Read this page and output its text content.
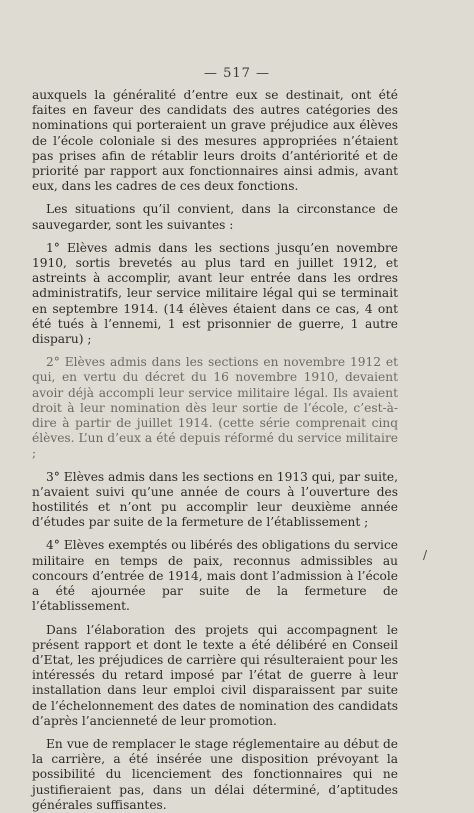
— 517 —

auxquels la généralité d’entre eux se destinait, ont été faites en faveur des candidats des autres catégories des nominations qui porteraient un grave préjudice aux élèves de l’école coloniale si des mesures appropriées n’étaient pas prises afin de rétablir leurs droits d’antériorité et de priorité par rapport aux fonctionnaires ainsi admis, avant eux, dans les cadres de ces deux fonctions.

Les situations qu’il convient, dans la circonstance de sauvegarder, sont les suivantes :

1° Elèves admis dans les sections jusqu’en novembre 1910, sortis brevetés au plus tard en juillet 1912, et astreints à accomplir, avant leur entrée dans les ordres administratifs, leur service militaire légal qui se terminait en septembre 1914. (14 élèves étaient dans ce cas, 4 ont été tués à l’ennemi, 1 est prisonnier de guerre, 1 autre disparu) ;

2° Elèves admis dans les sections en novembre 1912 et qui, en vertu du décret du 16 novembre 1910, devaient avoir déjà accompli leur service militaire légal. Ils avaient droit à leur nomination dès leur sortie de l’école, c’est-à-dire à partir de juillet 1914. (cette série comprenait cinq élèves. L’un d’eux a été depuis réformé du service militaire ;

3° Elèves admis dans les sections en 1913 qui, par suite, n’avaient suivi qu’une année de cours à l’ouverture des hostilités et n’ont pu accomplir leur deuxième année d’études par suite de la fermeture de l’établissement ;

4° Elèves exemptés ou libérés des obligations du service militaire en temps de paix, reconnus admissibles au concours d’entrée de 1914, mais dont l’admission à l’école a été ajournée par suite de la fermeture de l’établissement.

Dans l’élaboration des projets qui accompagnent le présent rapport et dont le texte a été délibéré en Conseil d’Etat, les préjudices de carrière qui résulteraient pour les intéressés du retard imposé par l’état de guerre à leur installation dans leur emploi civil disparaissent par suite de l’échelonnement des dates de nomination des candidats d’après l’ancienneté de leur promotion.

En vue de remplacer le stage réglementaire au début de la carrière, a été insérée une disposition prévoyant la possibilité du licenciement des fonctionnaires qui ne justifieraient pas, dans un délai déterminé, d’aptitudes générales suffisantes.

/
